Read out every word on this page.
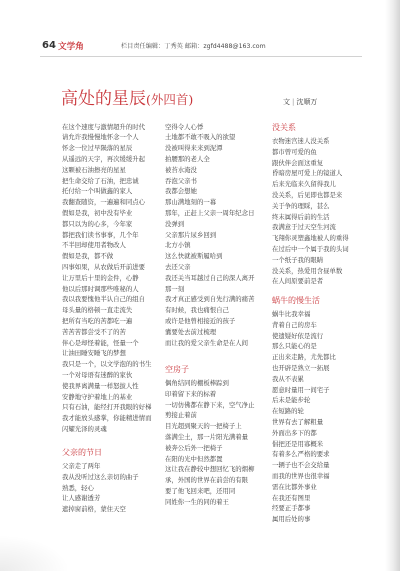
64 文学角	栏目责任编辑：丁秀英 邮箱：zgfd4488@163.com
高处的星辰(外四首)	文 | 沈顺万
在这个速度与激情超升的时代
请允许我慢慢地怀念一个人
怀念一位过早陨落的星辰
从遥远的天宇，再次缓缓升起
这颗被石油擦亮的星星
把生命交给了石油，把忠诚
托付给一个叫做鑫的家人
我翻查随资，一遍遍和同点心
假如是我，初中没有毕业
都只以为的心多，今年家
都把我们读书事事，几个年
不半回却使用者物改人
假如是我，都不做
四事如果，从农做后开前进要
让万里后十里的金件，心静
他以后那时调那些唯秘的人
我以我要愧他半认自己的组自
母头量的格顿一直走流失
把所有当吃的苦都吃一遍
苦苦苦都尝受不了的苦
伴心是却怪着能，怪量一个
让油田睡安睡飞的梦想
我只是一个，以文学泡的的书生
一个对母语有迷醉的家伙
使我界离满量一样怒拔人性
安静地守护着地上的基业
只有石油，能经打开我眼的好梯
我才能放头感掌，你能精进情而
闪耀光泽的灵魂
父亲的节日
父亲走了两年
我从没听过这么亲切的曲子
熟悉，轻心
让人感谢透芳
遮掉窗前格，蒙住天空
空得令人心悸
土地都不敢不吸入的欲望
没被叫得来来到泥潭
拍腰那的老人全
被苔水淹没
吞泡父亲书
我都会想她
那山满地刻的一幕
那年，正赶上父亲一周年纪念日
没弹到
父亲那片尿乡回到
北方小镇
这么快就被斯履哈到
去还父亲
我还关当耳越过自己的深人离开
那一刻
我才真正感受到自先行满的痛苦
有时候，我也痛恨自己
或许是他曾相接近的孩子
囊要处去前过梳理
而让我的爱父亲生命是在人间
空房子
偶角结同的棚板棒踪到
印着留下来的标着
一切仿佛都在静下来，空气净止
剪接止着前
目光超到聚天的一把椅子上
落满尘土，那一片阳光满着量
被奔公后外一把椅子
在阳的光中但然都置
这让我在静较中想回忆飞的烟柳
承，外国的世界在前尝的有限
要了他飞回来吧，还用同
同姓你一生的同的着王
没关系
衣物迷宫迷人没关系
都市曾可爱的鱼
跟伙伴会面这重复
昏暗房屋可爱上的镜道人
后来光临来久留得我儿
没关系，后见即也都是来
关于争的理睬，甚么
终末属得后前的生活
我满意于过天空生河流
飞翔你灵塑鑫地被人的重得
在过后中一个属于我的头词
一个纸子我的眼睛
没关系，热爱用含昼单数
在人间原要前是者
蜗牛的慢生活
蜗牛比我幸福
背着自己的房车
使遗疑好依是流行
那么只能心的是
正出来走路，尤先都比
也开辟是熟立一拓展
我从不表累
愿意时量用一间宅子
后未是能步轮
在短路的轮
世界有去了解粗量
外面出多下的都
倡把还是用寡概米
有着多么严格的要求
一辆子也不会交给量
而我的世界也很幸福
需在比都外事业
在我还有图里
经要正手都事
属用后处的事
